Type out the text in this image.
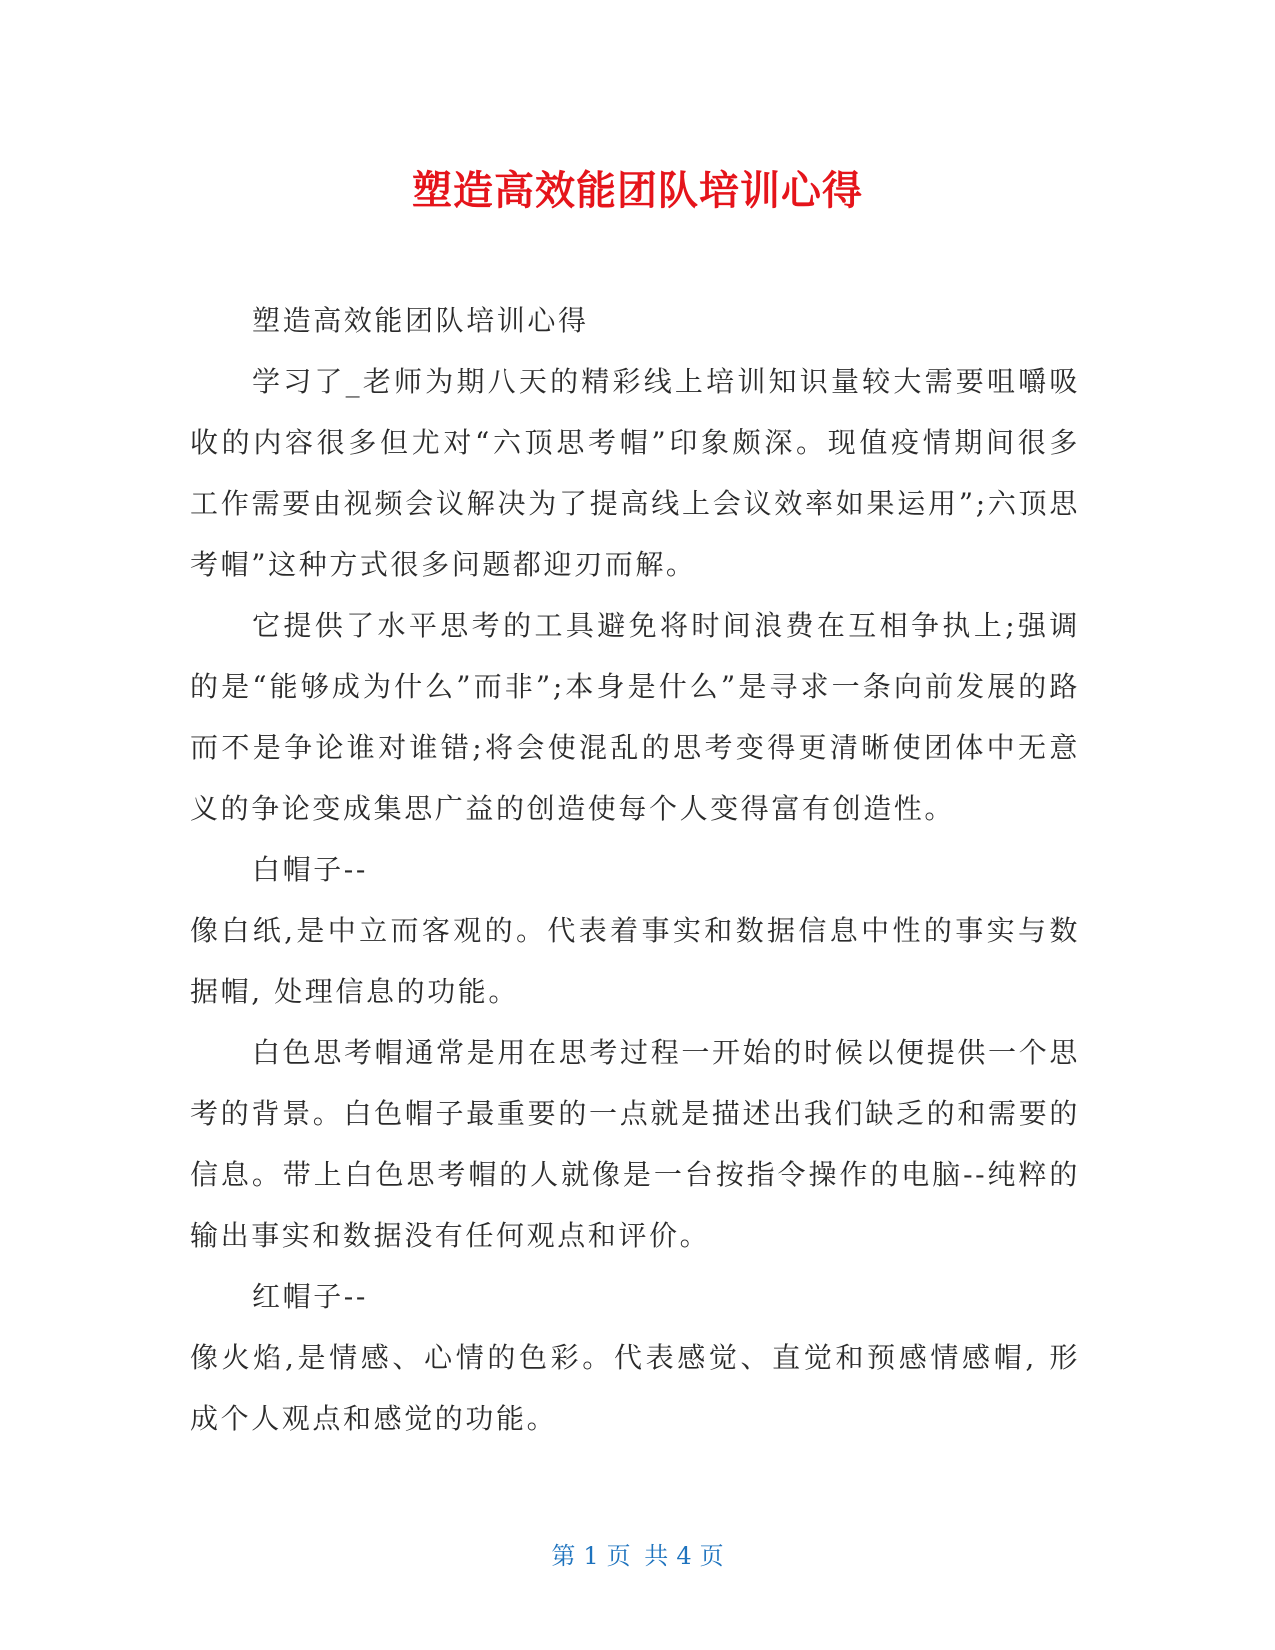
塑造高效能团队培训心得

塑造高效能团队培训心得

学习了_老师为期八天的精彩线上培训知识量较大需要咀嚼吸收的内容很多但尤对“六顶思考帽”印象颇深。现值疫情期间很多工作需要由视频会议解决为了提高线上会议效率如果运用”;六顶思考帽”这种方式很多问题都迎刃而解。

它提供了水平思考的工具避免将时间浪费在互相争执上;强调的是“能够成为什么”而非”;本身是什么”是寻求一条向前发展的路而不是争论谁对谁错;将会使混乱的思考变得更清晰使团体中无意义的争论变成集思广益的创造使每个人变得富有创造性。

白帽子--

像白纸,是中立而客观的。代表着事实和数据信息中性的事实与数据帽, 处理信息的功能。

白色思考帽通常是用在思考过程一开始的时候以便提供一个思考的背景。白色帽子最重要的一点就是描述出我们缺乏的和需要的信息。带上白色思考帽的人就像是一台按指令操作的电脑--纯粹的输出事实和数据没有任何观点和评价。

红帽子--

像火焰,是情感、心情的色彩。代表感觉、直觉和预感情感帽, 形成个人观点和感觉的功能。

第 1 页 共 4 页
